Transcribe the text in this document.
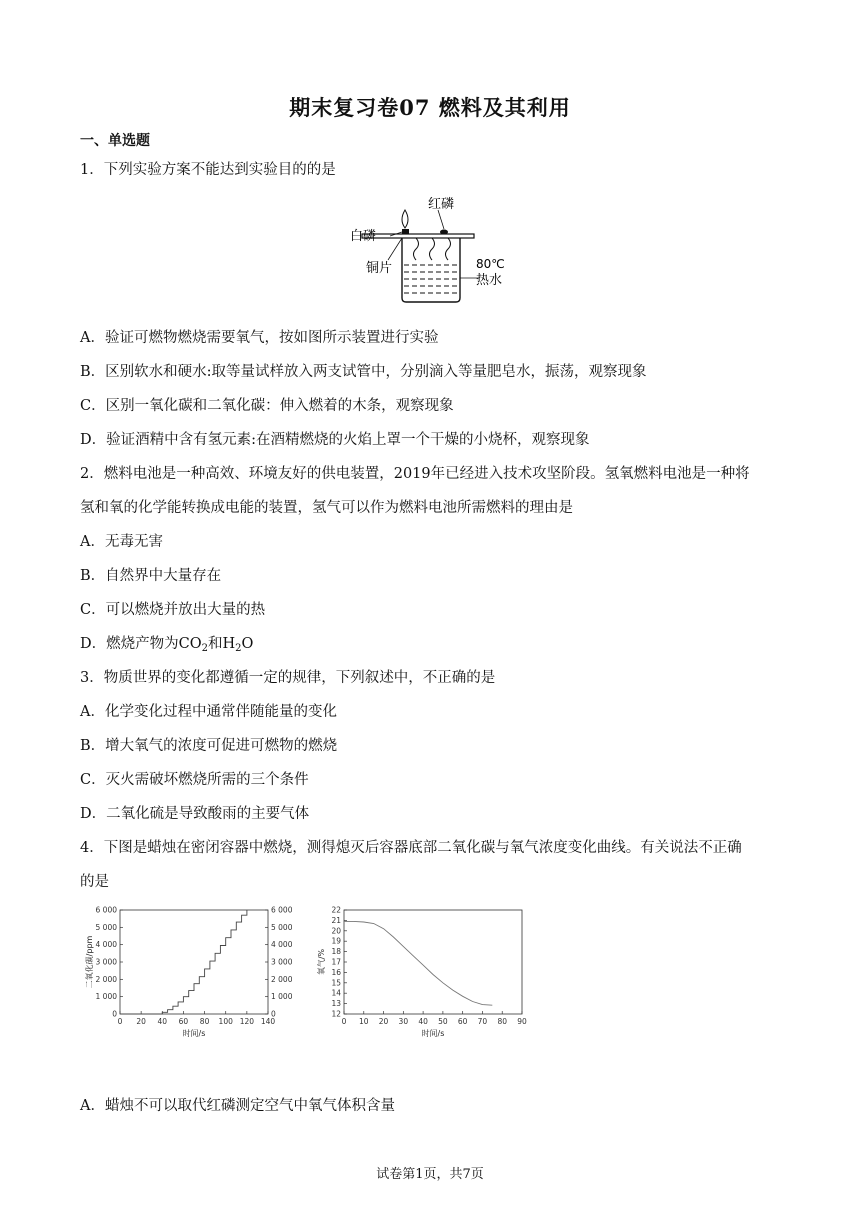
期末复习卷07 燃料及其利用
一、单选题
1．下列实验方案不能达到实验目的的是
红磷
白磷
铜片	80℃
热水
A．验证可燃物燃烧需要氧气，按如图所示装置进行实验
B．区别软水和硬水:取等量试样放入两支试管中，分别滴入等量肥皂水，振荡，观察现象
C．区别一氧化碳和二氧化碳：伸入燃着的木条，观察现象
D．验证酒精中含有氢元素:在酒精燃烧的火焰上罩一个干燥的小烧杯，观察现象
2．燃料电池是一种高效、环境友好的供电装置，2019年已经进入技术攻坚阶段。氢氧燃料电池是一种将
氢和氧的化学能转换成电能的装置，氢气可以作为燃料电池所需燃料的理由是
A．无毒无害
B．自然界中大量存在
C．可以燃烧并放出大量的热
D．燃烧产物为$CO_2$和$H_2O$
3．物质世界的变化都遵循一定的规律，下列叙述中，不正确的是
A．化学变化过程中通常伴随能量的变化
B．增大氧气的浓度可促进可燃物的燃烧
C．灭火需破坏燃烧所需的三个条件
D．二氧化硫是导致酸雨的主要气体
4．下图是蜡烛在密闭容器中燃烧，测得熄灭后容器底部二氧化碳与氧气浓度变化曲线。有关说法不正确
的是
0 20 40 60 80 100 120 140
0	0
1 000	1 000
2 000	2 000
3 000	3 000
4 000	4 000
5 000	5 000
6 000	6 000
时间/s
二氧化碳/ppm
0 10 20 30 40 50 60 70 80 90
12
13
14
15
16
17
18
19
20
21
22
时间/s
氧气/%
A．蜡烛不可以取代红磷测定空气中氧气体积含量
试卷第1页，共7页
